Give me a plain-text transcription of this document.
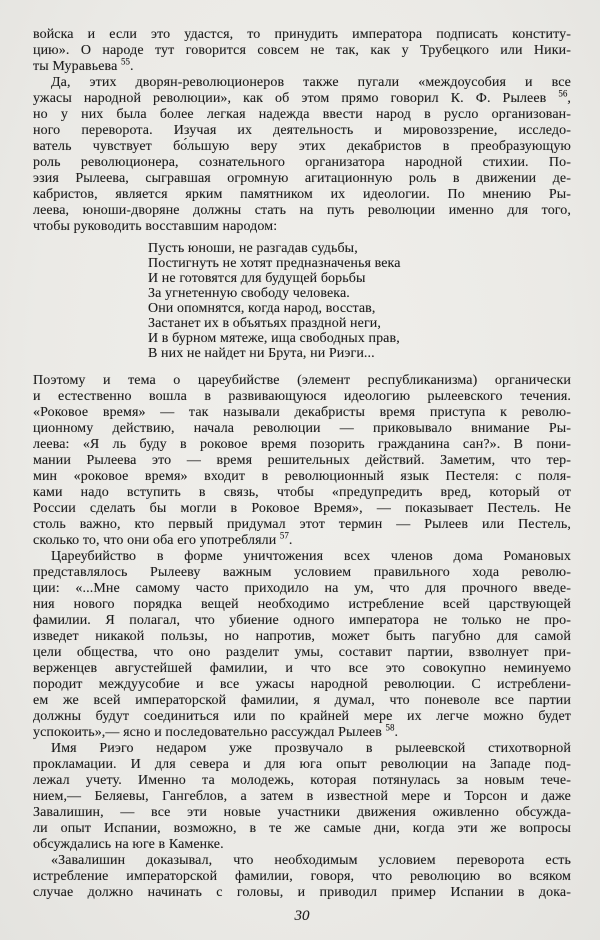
войска и если это удастся, то принудить императора подписать конститу-
цию». О народе тут говорится совсем не так, как у Трубецкого или Ники-
ты Муравьева $^{55}$.
Да, этих дворян-революционеров также пугали «междоусобия и все
ужасы народной революции», как об этом прямо говорил К. Ф. Рылеев $^{56}$,
но у них была более легкая надежда ввести народ в русло организован-
ного переворота. Изучая их деятельность и мировоззрение, исследо-
ватель чувствует бо́льшую веру этих декабристов в преобразующую
роль революционера, сознательного организатора народной стихии. По-
эзия Рылеева, сыгравшая огромную агитационную роль в движении де-
кабристов, является ярким памятником их идеологии. По мнению Ры-
леева, юноши-дворяне должны стать на путь революции именно для того,
чтобы руководить восставшим народом:
Пусть юноши, не разгадав судьбы,
Постигнуть не хотят предназначенья века
И не готовятся для будущей борьбы
За угнетенную свободу человека.
Они опомнятся, когда народ, восстав,
Застанет их в объятьях праздной неги,
И в бурном мятеже, ища свободных прав,
В них не найдет ни Брута, ни Риэги...
Поэтому и тема о цареубийстве (элемент республиканизма) органически
и естественно вошла в развивающуюся идеологию рылеевского течения.
«Роковое время» — так называли декабристы время приступа к револю-
ционному действию, начала революции — приковывало внимание Ры-
леева: «Я ль буду в роковое время позорить гражданина сан?». В пони-
мании Рылеева это — время решительных действий. Заметим, что тер-
мин «роковое время» входит в революционный язык Пестеля: с поля-
ками надо вступить в связь, чтобы «предупредить вред, который от
России сделать бы могли в Роковое Время», — показывает Пестель. Не
столь важно, кто первый придумал этот термин — Рылеев или Пестель,
сколько то, что они оба его употребляли $^{57}$.
Цареубийство в форме уничтожения всех членов дома Романовых
представлялось Рылееву важным условием правильного хода револю-
ции: «...Мне самому часто приходило на ум, что для прочного введе-
ния нового порядка вещей необходимо истребление всей царствующей
фамилии. Я полагал, что убиение одного императора не только не про-
изведет никакой пользы, но напротив, может быть пагубно для самой
цели общества, что оно разделит умы, составит партии, взволнует при-
верженцев августейшей фамилии, и что все это совокупно неминуемо
породит междуусобие и все ужасы народной революции. С истреблени-
ем же всей императорской фамилии, я думал, что поневоле все партии
должны будут соединиться или по крайней мере их легче можно будет
успокоить»,— ясно и последовательно рассуждал Рылеев $^{58}$.
Имя Риэго недаром уже прозвучало в рылеевской стихотворной
прокламации. И для севера и для юга опыт революции на Западе под-
лежал учету. Именно та молодежь, которая потянулась за новым тече-
нием,— Беляевы, Гангеблов, а затем в известной мере и Торсон и даже
Завалишин, — все эти новые участники движения оживленно обсужда-
ли опыт Испании, возможно, в те же самые дни, когда эти же вопросы
обсуждались на юге в Каменке.
«Завалишин доказывал, что необходимым условием переворота есть
истребление императорской фамилии, говоря, что революцию во всяком
случае должно начинать с головы, и приводил пример Испании в дока-
30
